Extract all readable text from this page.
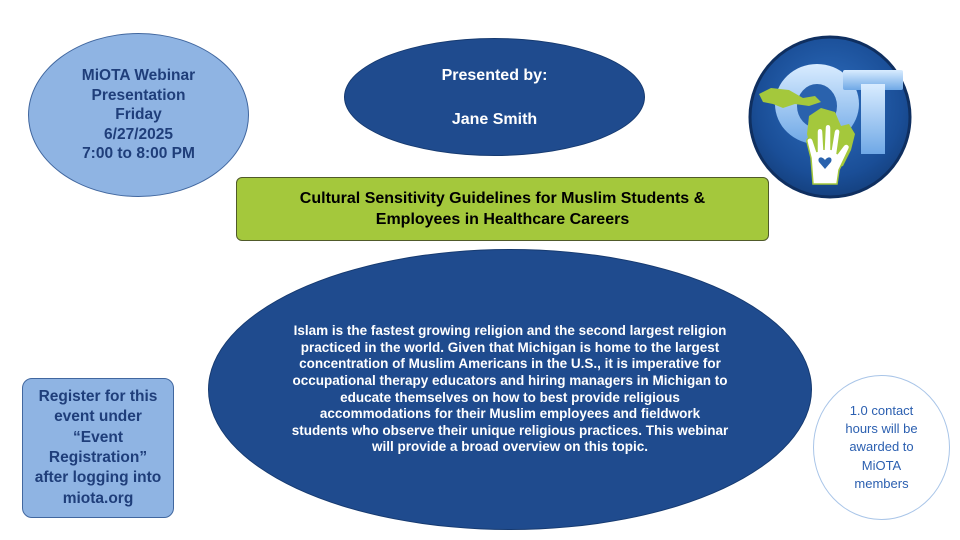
MiOTA Webinar
Presentation
Friday
6/27/2025
7:00 to 8:00 PM
Presented by:
Jane Smith
Cultural Sensitivity Guidelines for Muslim Students &
Employees in Healthcare Careers

Islam is the fastest growing religion and the second largest religion practiced in the world. Given that Michigan is home to the largest concentration of Muslim Americans in the U.S., it is imperative for occupational therapy educators and hiring managers in Michigan to educate themselves on how to best provide religious accommodations for their Muslim employees and fieldwork students who observe their unique religious practices. This webinar will provide a broad overview on this topic.

Register for this event under “Event Registration” after logging into miota.org

1.0 contact hours will be awarded to MiOTA members
